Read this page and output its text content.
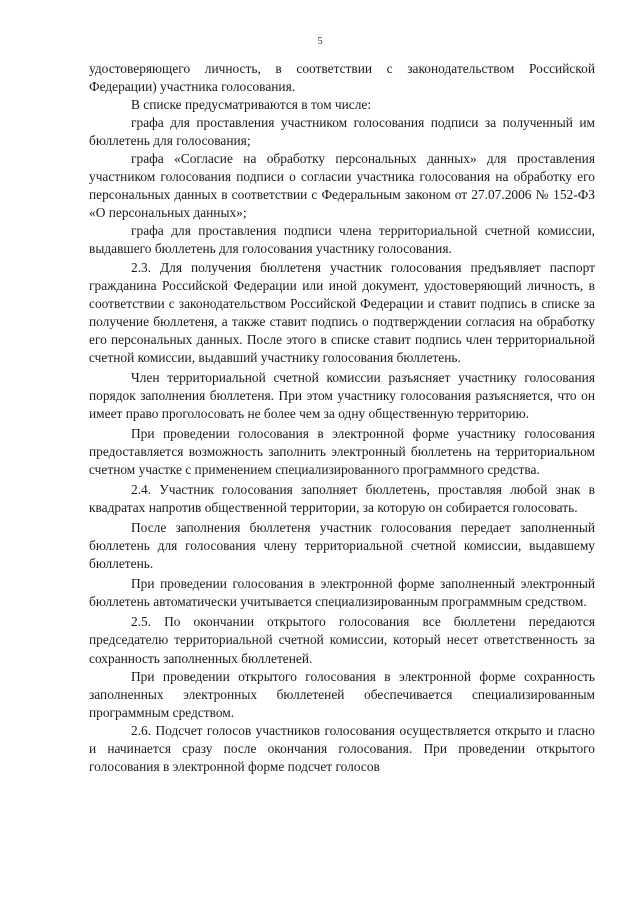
5

удостоверяющего личность, в соответствии с законодательством Российской Федерации) участника голосования.

В списке предусматриваются в том числе:

графа для проставления участником голосования подписи за полученный им бюллетень для голосования;

графа «Согласие на обработку персональных данных» для проставления участником голосования подписи о согласии участника голосования на обработку его персональных данных в соответствии с Федеральным законом от 27.07.2006 № 152-ФЗ «О персональных данных»;

графа для проставления подписи члена территориальной счетной комиссии, выдавшего бюллетень для голосования участнику голосования.

2.3. Для получения бюллетеня участник голосования предъявляет паспорт гражданина Российской Федерации или иной документ, удостоверяющий личность, в соответствии с законодательством Российской Федерации и ставит подпись в списке за получение бюллетеня, а также ставит подпись о подтверждении согласия на обработку его персональных данных. После этого в списке ставит подпись член территориальной счетной комиссии, выдавший участнику голосования бюллетень.

Член территориальной счетной комиссии разъясняет участнику голосования порядок заполнения бюллетеня. При этом участнику голосования разъясняется, что он имеет право проголосовать не более чем за одну общественную территорию.

При проведении голосования в электронной форме участнику голосования предоставляется возможность заполнить электронный бюллетень на территориальном счетном участке с применением специализированного программного средства.

2.4. Участник голосования заполняет бюллетень, проставляя любой знак в квадратах напротив общественной территории, за которую он собирается голосовать.

После заполнения бюллетеня участник голосования передает заполненный бюллетень для голосования члену территориальной счетной комиссии, выдавшему бюллетень.

При проведении голосования в электронной форме заполненный электронный бюллетень автоматически учитывается специализированным программным средством.

2.5. По окончании открытого голосования все бюллетени передаются председателю территориальной счетной комиссии, который несет ответственность за сохранность заполненных бюллетеней.

При проведении открытого голосования в электронной форме сохранность заполненных электронных бюллетеней обеспечивается специализированным программным средством.

2.6. Подсчет голосов участников голосования осуществляется открыто и гласно и начинается сразу после окончания голосования. При проведении открытого голосования в электронной форме подсчет голосов
